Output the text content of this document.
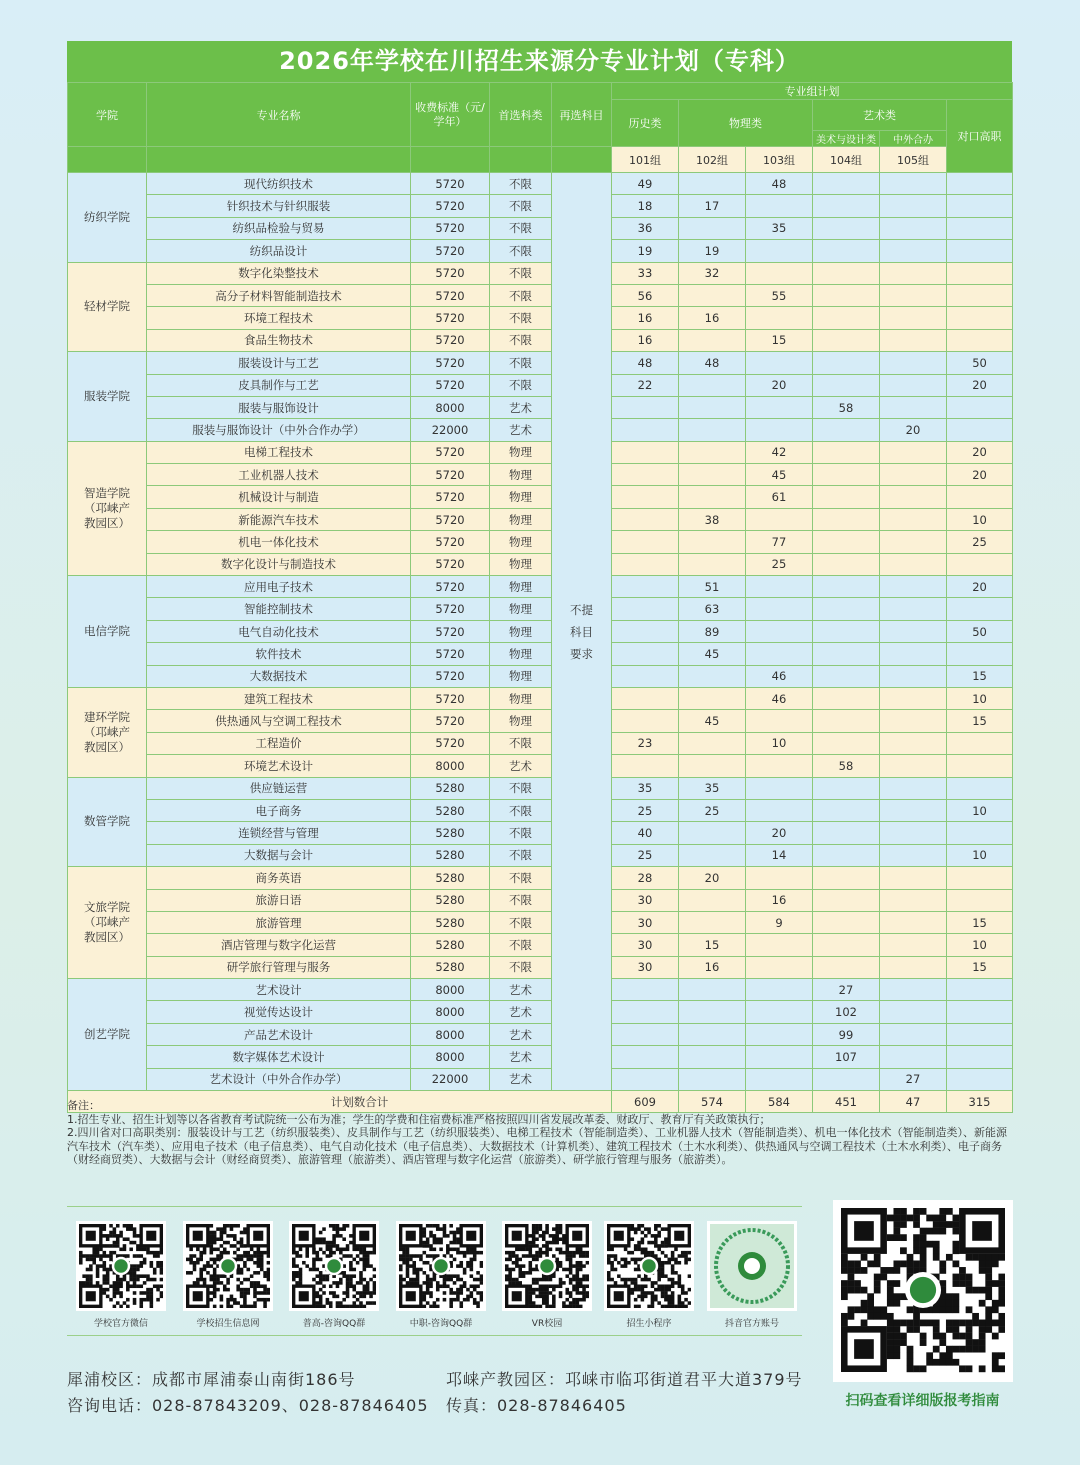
2026年学校在川招生来源分专业计划（专科）
学院	专业名称	收费标准（元/学年）	首选科类	再选科目	专业组计划					
					历史类	物理类		艺术类		对口高职
								美术与设计类	中外合办	
					101组	102组	103组	104组	105组	

纺织学院	现代纺织技术	5720	不限	不提科目要求	49		48			
	针织技术与针织服装	5720	不限		18	17				
	纺织品检验与贸易	5720	不限		36		35			
	纺织品设计	5720	不限		19	19				

轻材学院	数字化染整技术	5720	不限		33	32				
	高分子材料智能制造技术	5720	不限		56		55			
	环境工程技术	5720	不限		16	16				
	食品生物技术	5720	不限		16		15			

服装学院	服装设计与工艺	5720	不限		48	48				50
	皮具制作与工艺	5720	不限		22		20			20
	服装与服饰设计	8000	艺术					58		
	服装与服饰设计（中外合作办学）	22000	艺术						20	

智造学院
（邛崃产教园区）	电梯工程技术	5720	物理				42			20
	工业机器人技术	5720	物理				45			20
	机械设计与制造	5720	物理				61			
	新能源汽车技术	5720	物理			38				10
	机电一体化技术	5720	物理				77			25
	数字化设计与制造技术	5720	物理				25			

电信学院	应用电子技术	5720	物理			51				20
	智能控制技术	5720	物理			63				
	电气自动化技术	5720	物理			89				50
	软件技术	5720	物理			45				
	大数据技术	5720	物理				46			15

建环学院
（邛崃产教园区）	建筑工程技术	5720	物理				46			10
	供热通风与空调工程技术	5720	物理			45				15
	工程造价	5720	不限		23		10			
	环境艺术设计	8000	艺术					58		

数管学院	供应链运营	5280	不限		35	35				
	电子商务	5280	不限		25	25				10
	连锁经营与管理	5280	不限		40		20			
	大数据与会计	5280	不限		25		14			10

文旅学院
（邛崃产教园区）	商务英语	5280	不限		28	20				
	旅游日语	5280	不限		30		16			
	旅游管理	5280	不限		30		9			15
	酒店管理与数字化运营	5280	不限		30	15				10
	研学旅行管理与服务	5280	不限		30	16				15

创艺学院	艺术设计	8000	艺术					27		
	视觉传达设计	8000	艺术					102		
	产品艺术设计	8000	艺术					99		
	数字媒体艺术设计	8000	艺术					107		
	艺术设计（中外合作办学）	22000	艺术						27	
计划数合计					609	574	584	451	47	315
备注：
1.招生专业、招生计划等以各省教育考试院统一公布为准；学生的学费和住宿费标准严格按照四川省发展改革委、财政厅、教育厅有关政策执行；
2.四川省对口高职类别：服装设计与工艺（纺织服装类）、皮具制作与工艺（纺织服装类）、电梯工程技术（智能制造类）、工业机器人技术（智能制造类）、机电一体化技术（智能制造类）、新能源汽车技术（汽车类）、应用电子技术（电子信息类）、电气自动化技术（电子信息类）、大数据技术（计算机类）、建筑工程技术（土木水利类）、供热通风与空调工程技术（土木水利类）、电子商务（财经商贸类）、大数据与会计（财经商贸类）、旅游管理（旅游类）、酒店管理与数字化运营（旅游类）、研学旅行管理与服务（旅游类）。
学校官方微信	学校招生信息网	普高-咨询QQ群	中职-咨询QQ群	VR校园	招生小程序	抖音官方账号
扫码查看详细版报考指南
犀浦校区：成都市犀浦泰山南街186号
咨询电话：028-87843209、028-87846405
邛崃产教园区：邛崃市临邛街道君平大道379号
传真：028-87846405
